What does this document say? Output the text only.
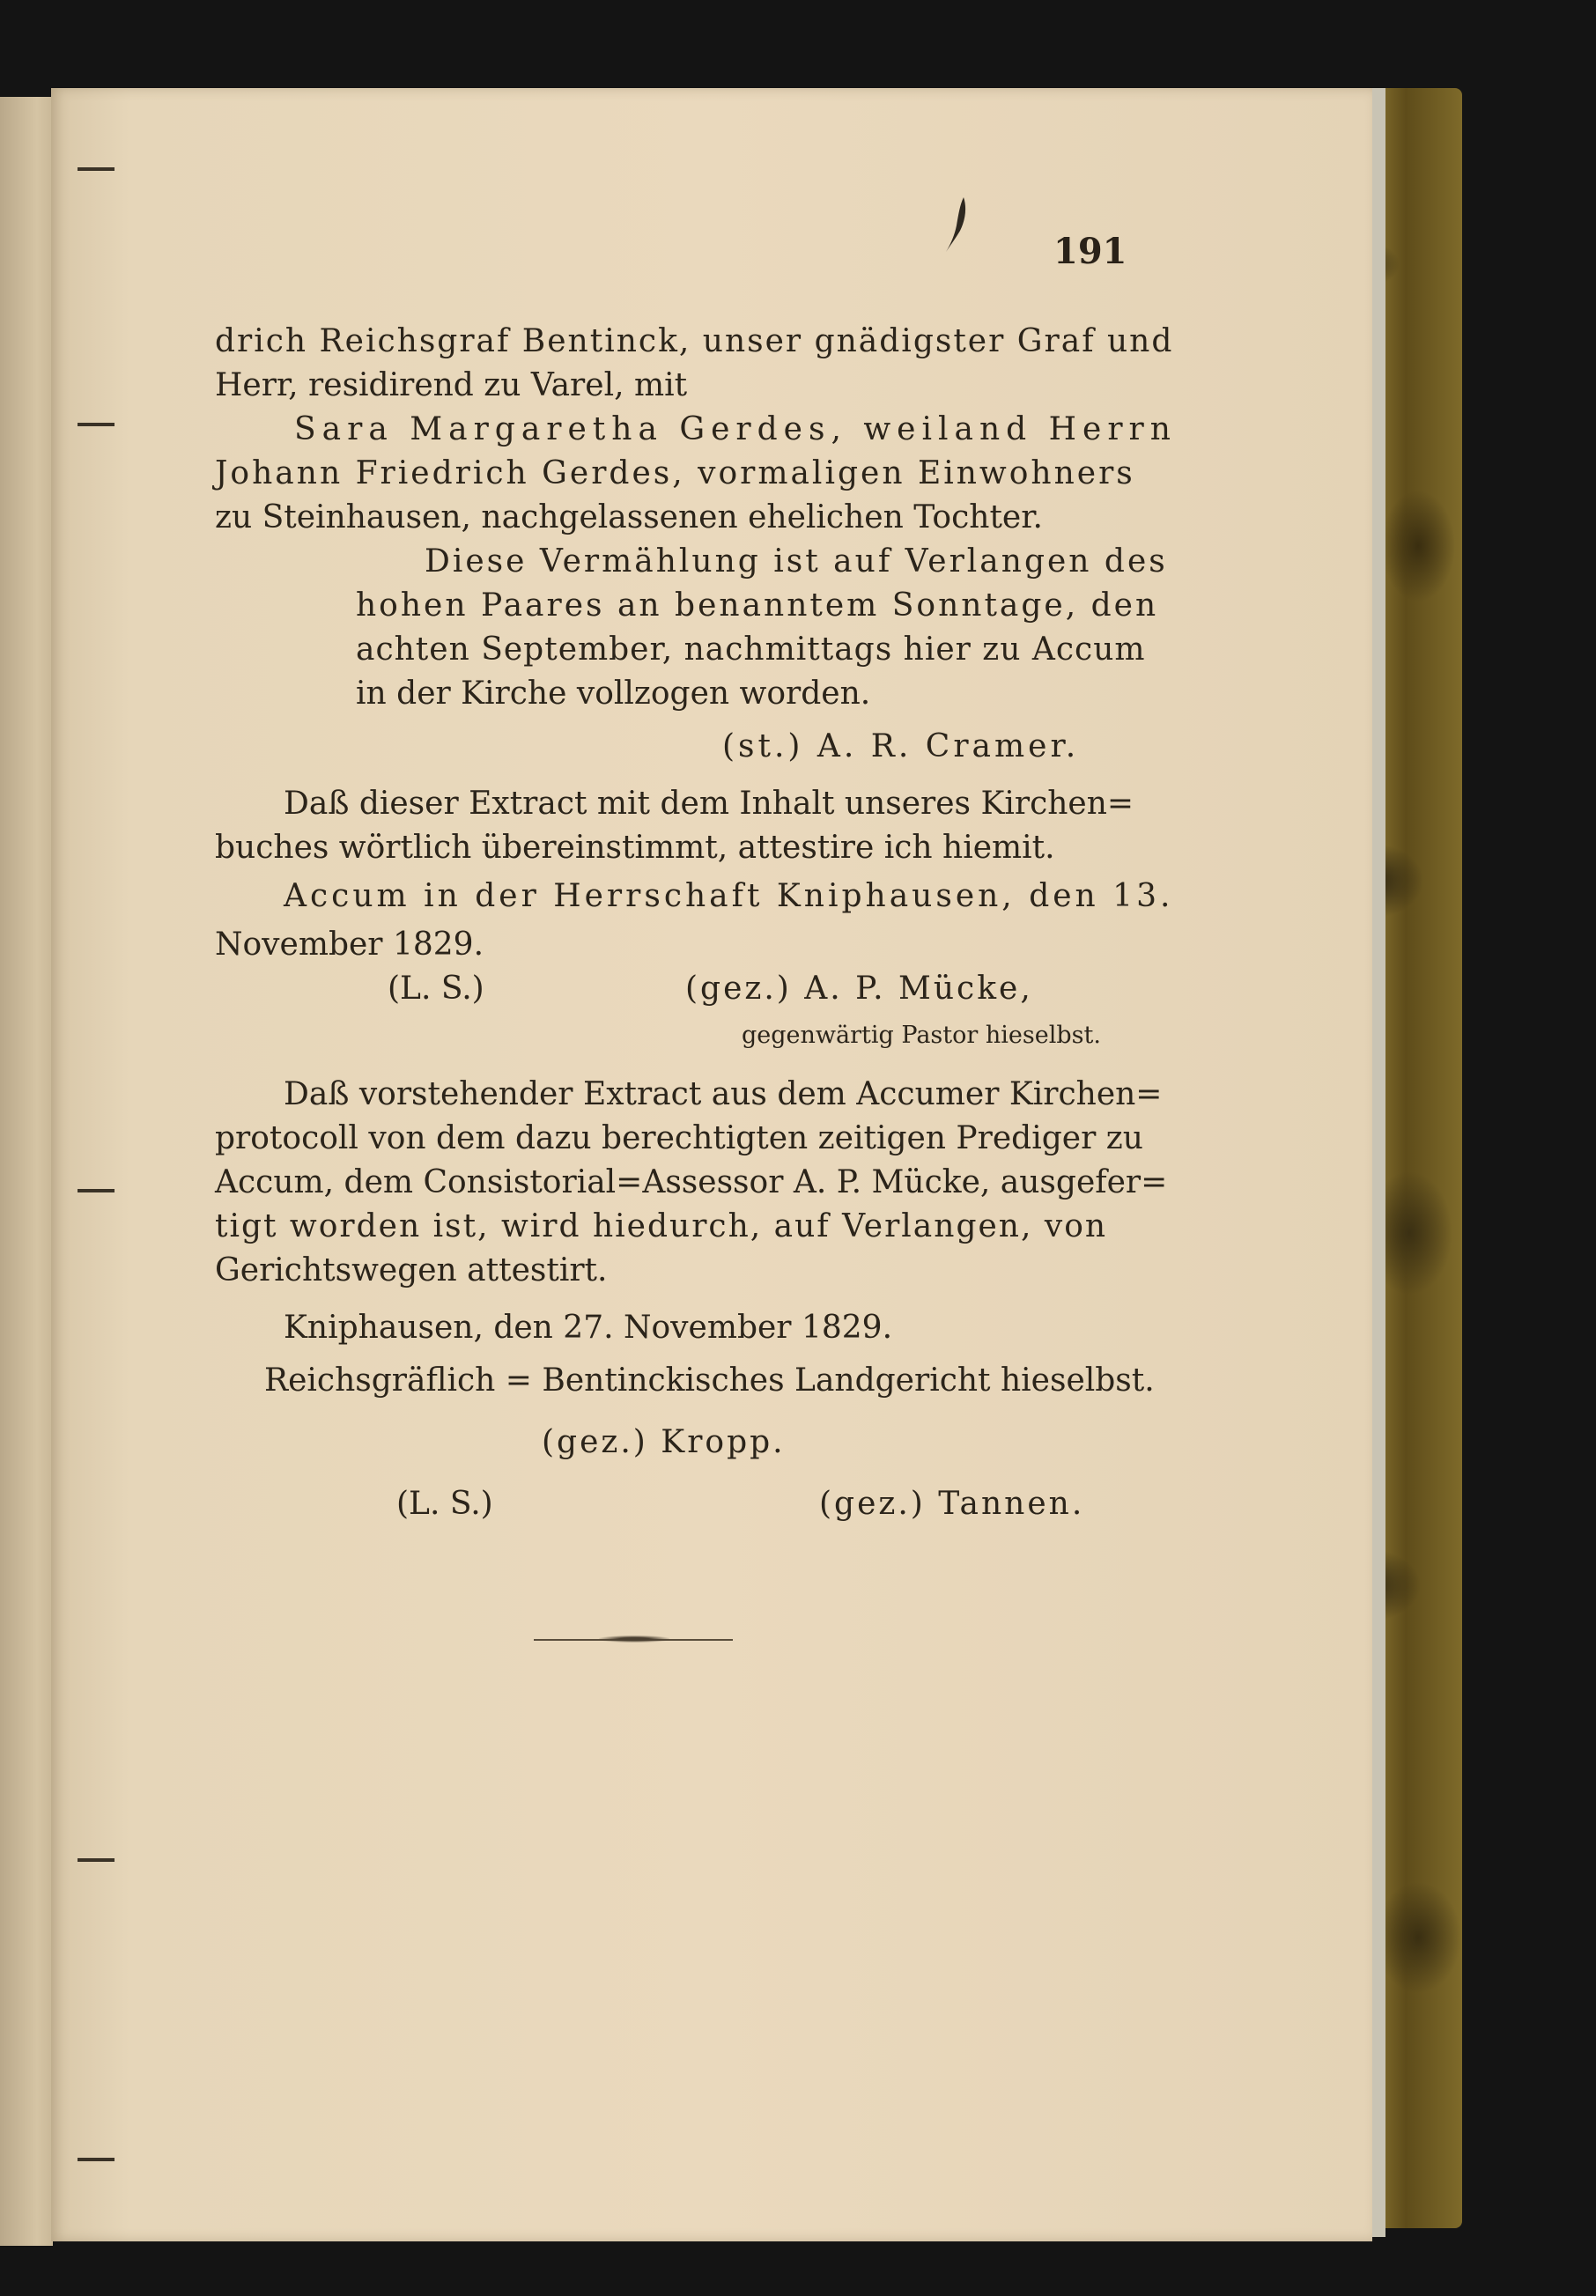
191
drich Reichsgraf Bentinck, unser gnädigster Graf und
Herr, residirend zu Varel, mit
Sara Margaretha Gerdes, weiland Herrn
Johann Friedrich Gerdes, vormaligen Einwohners
zu Steinhausen, nachgelassenen ehelichen Tochter.
Diese Vermählung ist auf Verlangen des
hohen Paares an benanntem Sonntage, den
achten September, nachmittags hier zu Accum
in der Kirche vollzogen worden.
(st.) A. R. Cramer.
Daß dieser Extract mit dem Inhalt unseres Kirchen=
buches wörtlich übereinstimmt, attestire ich hiemit.
Accum in der Herrschaft Kniphausen, den 13.
November 1829.
(L. S.)	(gez.) A. P. Mücke,
gegenwärtig Pastor hieselbst.
Daß vorstehender Extract aus dem Accumer Kirchen=
protocoll von dem dazu berechtigten zeitigen Prediger zu
Accum, dem Consistorial=Assessor A. P. Mücke, ausgefer=
tigt worden ist, wird hiedurch, auf Verlangen, von
Gerichtswegen attestirt.
Kniphausen, den 27. November 1829.
Reichsgräflich = Bentinckisches Landgericht hieselbst.
(gez.) Kropp.
(L. S.)	(gez.) Tannen.
